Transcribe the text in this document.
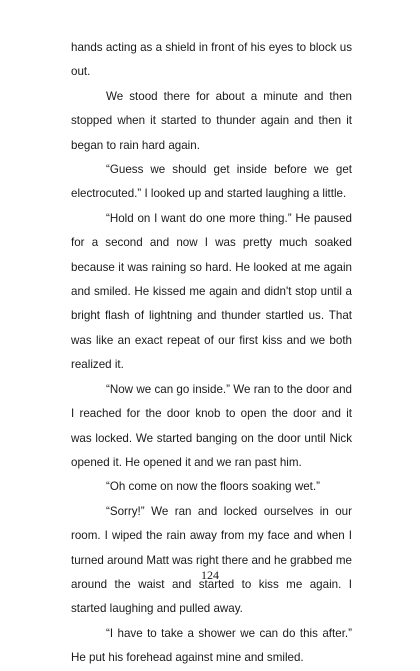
hands acting as a shield in front of his eyes to block us out.

We stood there for about a minute and then stopped when it started to thunder again and then it began to rain hard again.

“Guess we should get inside before we get electrocuted.” I looked up and started laughing a little.

“Hold on I want do one more thing.” He paused for a second and now I was pretty much soaked because it was raining so hard. He looked at me again and smiled. He kissed me again and didn't stop until a bright flash of lightning and thunder startled us. That was like an exact repeat of our first kiss and we both realized it.

“Now we can go inside.” We ran to the door and I reached for the door knob to open the door and it was locked. We started banging on the door until Nick opened it. He opened it and we ran past him.

“Oh come on now the floors soaking wet.”

“Sorry!” We ran and locked ourselves in our room. I wiped the rain away from my face and when I turned around Matt was right there and he grabbed me around the waist and started to kiss me again. I started laughing and pulled away.

“I have to take a shower we can do this after.” He put his forehead against mine and smiled.

124
